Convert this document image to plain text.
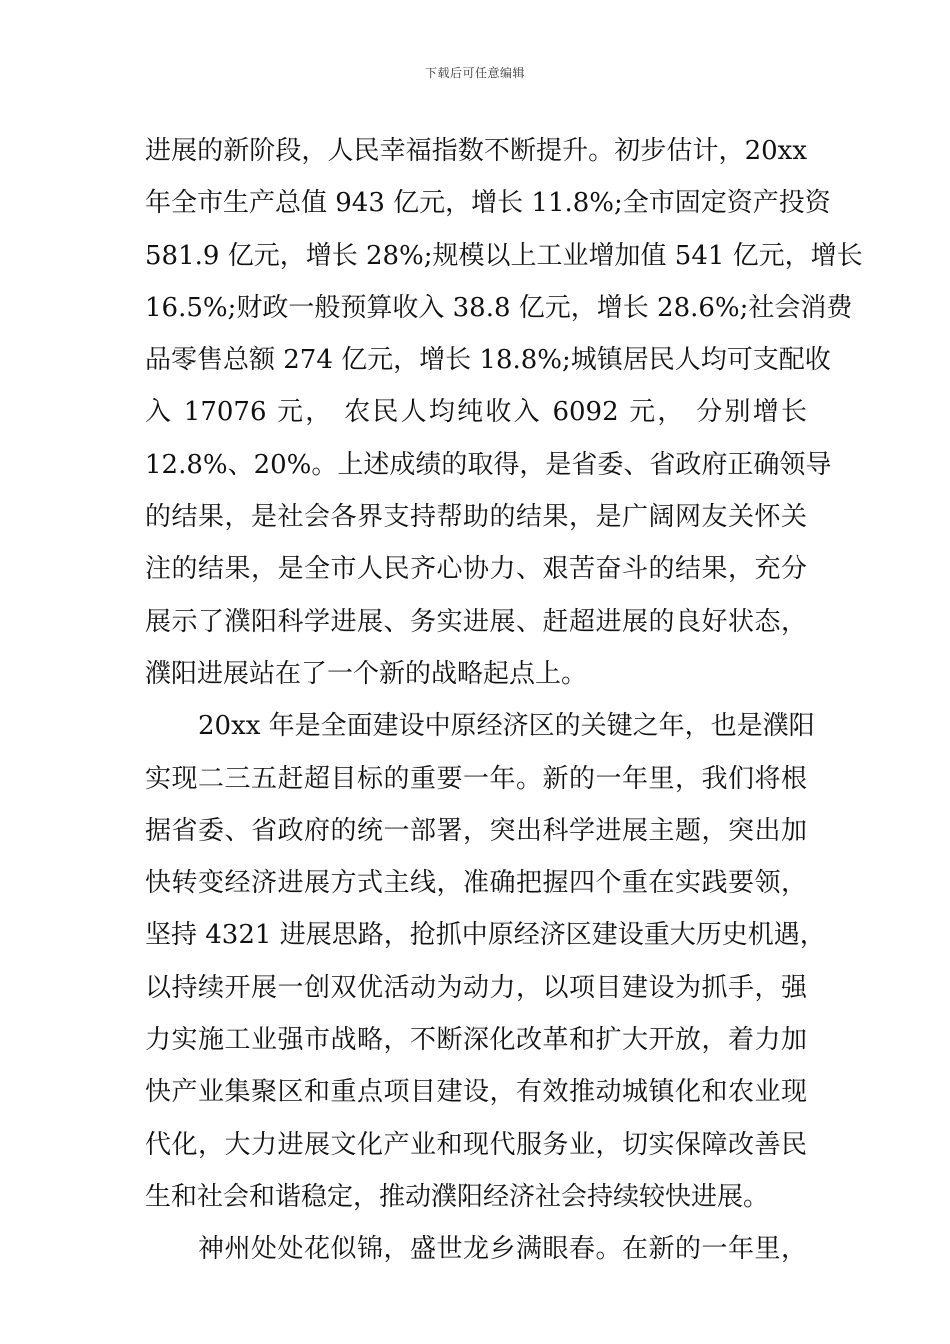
下载后可任意编辑
进展的新阶段，人民幸福指数不断提升。初步估计，20xx
年全市生产总值 943 亿元，增长 11.8%;全市固定资产投资
581.9 亿元，增长 28%;规模以上工业增加值 541 亿元，增长
16.5%;财政一般预算收入 38.8 亿元，增长 28.6%;社会消费
品零售总额 274 亿元，增长 18.8%;城镇居民人均可支配收
入 17076 元， 农民人均纯收入 6092 元， 分别增长
12.8%、20%。上述成绩的取得，是省委、省政府正确领导
的结果，是社会各界支持帮助的结果，是广阔网友关怀关
注的结果，是全市人民齐心协力、艰苦奋斗的结果，充分
展示了濮阳科学进展、务实进展、赶超进展的良好状态，
濮阳进展站在了一个新的战略起点上。
20xx 年是全面建设中原经济区的关键之年，也是濮阳
实现二三五赶超目标的重要一年。新的一年里，我们将根
据省委、省政府的统一部署，突出科学进展主题，突出加
快转变经济进展方式主线，准确把握四个重在实践要领，
坚持 4321 进展思路，抢抓中原经济区建设重大历史机遇，
以持续开展一创双优活动为动力，以项目建设为抓手，强
力实施工业强市战略，不断深化改革和扩大开放，着力加
快产业集聚区和重点项目建设，有效推动城镇化和农业现
代化，大力进展文化产业和现代服务业，切实保障改善民
生和社会和谐稳定，推动濮阳经济社会持续较快进展。
神州处处花似锦，盛世龙乡满眼春。在新的一年里，
